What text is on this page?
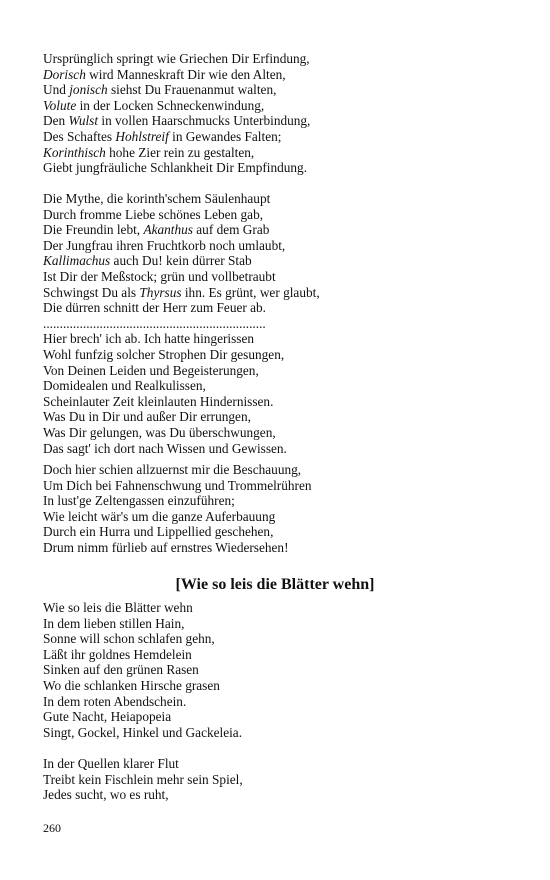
Ursprünglich springt wie Griechen Dir Erfindung,
Dorisch wird Manneskraft Dir wie den Alten,
Und jonisch siehst Du Frauenanmut walten,
Volute in der Locken Schneckenwindung,
Den Wulst in vollen Haarschmucks Unterbindung,
Des Schaftes Hohlstreif in Gewandes Falten;
Korinthisch hohe Zier rein zu gestalten,
Giebt jungfräuliche Schlankheit Dir Empfindung.
Die Mythe, die korinth'schem Säulenhaupt
Durch fromme Liebe schönes Leben gab,
Die Freundin lebt, Akanthus auf dem Grab
Der Jungfrau ihren Fruchtkorb noch umlaubt,
Kallimachus auch Du! kein dürrer Stab
Ist Dir der Meßstock; grün und vollbetraubt
Schwingst Du als Thyrsus ihn. Es grünt, wer glaubt,
Die dürren schnitt der Herr zum Feuer ab.
...................................................................
Hier brech' ich ab. Ich hatte hingerissen
Wohl funfzig solcher Strophen Dir gesungen,
Von Deinen Leiden und Begeisterungen,
Domidealen und Realkulissen,
Scheinlauter Zeit kleinlauten Hindernissen.
Was Du in Dir und außer Dir errungen,
Was Dir gelungen, was Du überschwungen,
Das sagt' ich dort nach Wissen und Gewissen.
Doch hier schien allzuernst mir die Beschauung,
Um Dich bei Fahnenschwung und Trommelrühren
In lust'ge Zeltengassen einzuführen;
Wie leicht wär's um die ganze Auferbauung
Durch ein Hurra und Lippellied geschehen,
Drum nimm fürlieb auf ernstres Wiedersehen!
[Wie so leis die Blätter wehn]
Wie so leis die Blätter wehn
In dem lieben stillen Hain,
Sonne will schon schlafen gehn,
Läßt ihr goldnes Hemdelein
Sinken auf den grünen Rasen
Wo die schlanken Hirsche grasen
In dem roten Abendschein.
Gute Nacht, Heiapopeia
Singt, Gockel, Hinkel und Gackeleia.
In der Quellen klarer Flut
Treibt kein Fischlein mehr sein Spiel,
Jedes sucht, wo es ruht,
260
